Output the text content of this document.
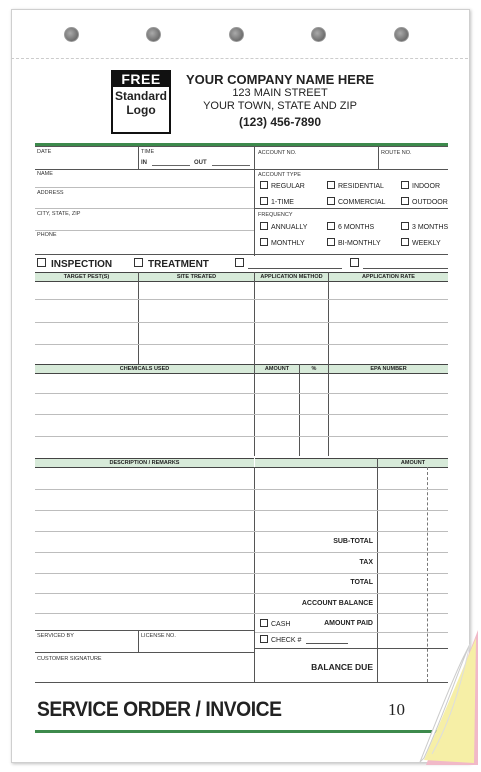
FREE
Standard
Logo
YOUR COMPANY NAME HERE
123 MAIN STREET
YOUR TOWN, STATE AND ZIP
(123) 456-7890
DATE	TIME
IN	OUT
ACCOUNT NO.	ROUTE NO.
NAME
ADDRESS
CITY, STATE, ZIP
PHONE
ACCOUNT TYPE
FREQUENCY
REGULAR	RESIDENTIAL	INDOOR
1-TIME	COMMERCIAL	OUTDOOR
ANNUALLY	6 MONTHS	3 MONTHS
MONTHLY	BI-MONTHLY	WEEKLY
INSPECTION	TREATMENT
TARGET PEST(S)	SITE TREATED	APPLICATION METHOD	APPLICATION RATE
CHEMICALS USED	AMOUNT	%	EPA NUMBER
DESCRIPTION / REMARKS	AMOUNT
SUB-TOTAL
TAX
TOTAL
ACCOUNT BALANCE
CASH	AMOUNT PAID
CHECK #
BALANCE DUE
SERVICED BY	LICENSE NO.
CUSTOMER SIGNATURE
SERVICE ORDER / INVOICE	10
